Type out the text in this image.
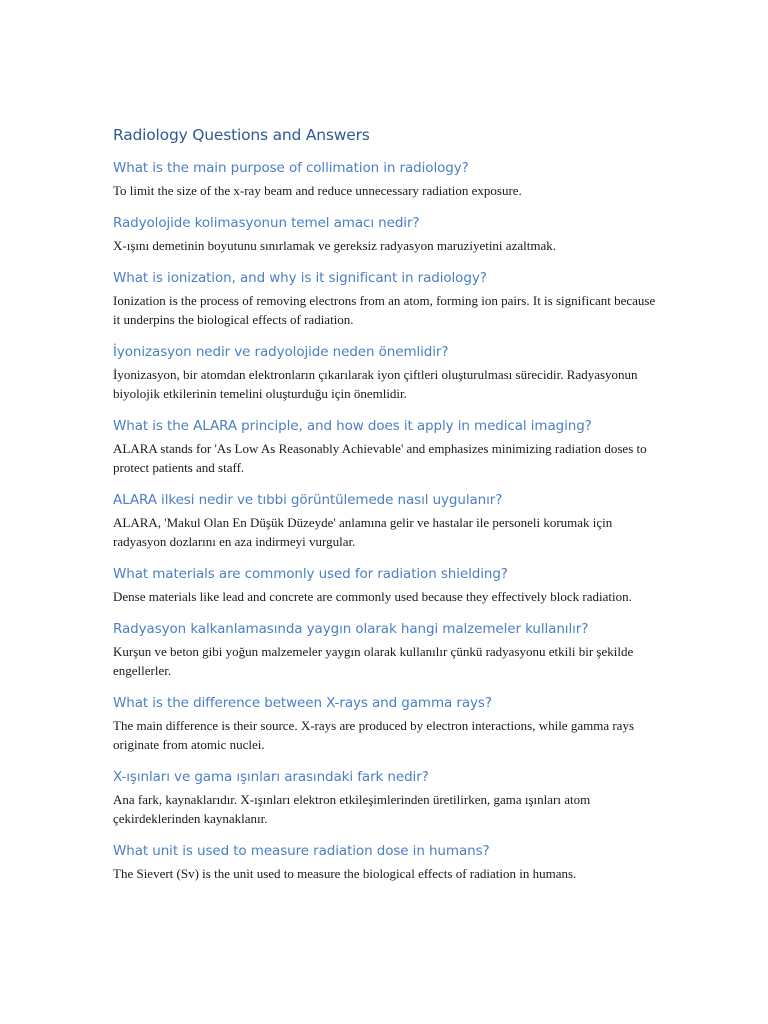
Radiology Questions and Answers
What is the main purpose of collimation in radiology?

To limit the size of the x-ray beam and reduce unnecessary radiation exposure.

Radyolojide kolimasyonun temel amacı nedir?

X-ışını demetinin boyutunu sınırlamak ve gereksiz radyasyon maruziyetini azaltmak.

What is ionization, and why is it significant in radiology?

Ionization is the process of removing electrons from an atom, forming ion pairs. It is significant because it underpins the biological effects of radiation.

İyonizasyon nedir ve radyolojide neden önemlidir?

İyonizasyon, bir atomdan elektronların çıkarılarak iyon çiftleri oluşturulması sürecidir. Radyasyonun biyolojik etkilerinin temelini oluşturduğu için önemlidir.

What is the ALARA principle, and how does it apply in medical imaging?

ALARA stands for 'As Low As Reasonably Achievable' and emphasizes minimizing radiation doses to protect patients and staff.

ALARA ilkesi nedir ve tıbbi görüntülemede nasıl uygulanır?

ALARA, 'Makul Olan En Düşük Düzeyde' anlamına gelir ve hastalar ile personeli korumak için radyasyon dozlarını en aza indirmeyi vurgular.

What materials are commonly used for radiation shielding?

Dense materials like lead and concrete are commonly used because they effectively block radiation.

Radyasyon kalkanlamasında yaygın olarak hangi malzemeler kullanılır?

Kurşun ve beton gibi yoğun malzemeler yaygın olarak kullanılır çünkü radyasyonu etkili bir şekilde engellerler.

What is the difference between X-rays and gamma rays?

The main difference is their source. X-rays are produced by electron interactions, while gamma rays originate from atomic nuclei.

X-ışınları ve gama ışınları arasındaki fark nedir?

Ana fark, kaynaklarıdır. X-ışınları elektron etkileşimlerinden üretilirken, gama ışınları atom çekirdeklerinden kaynaklanır.

What unit is used to measure radiation dose in humans?

The Sievert (Sv) is the unit used to measure the biological effects of radiation in humans.
